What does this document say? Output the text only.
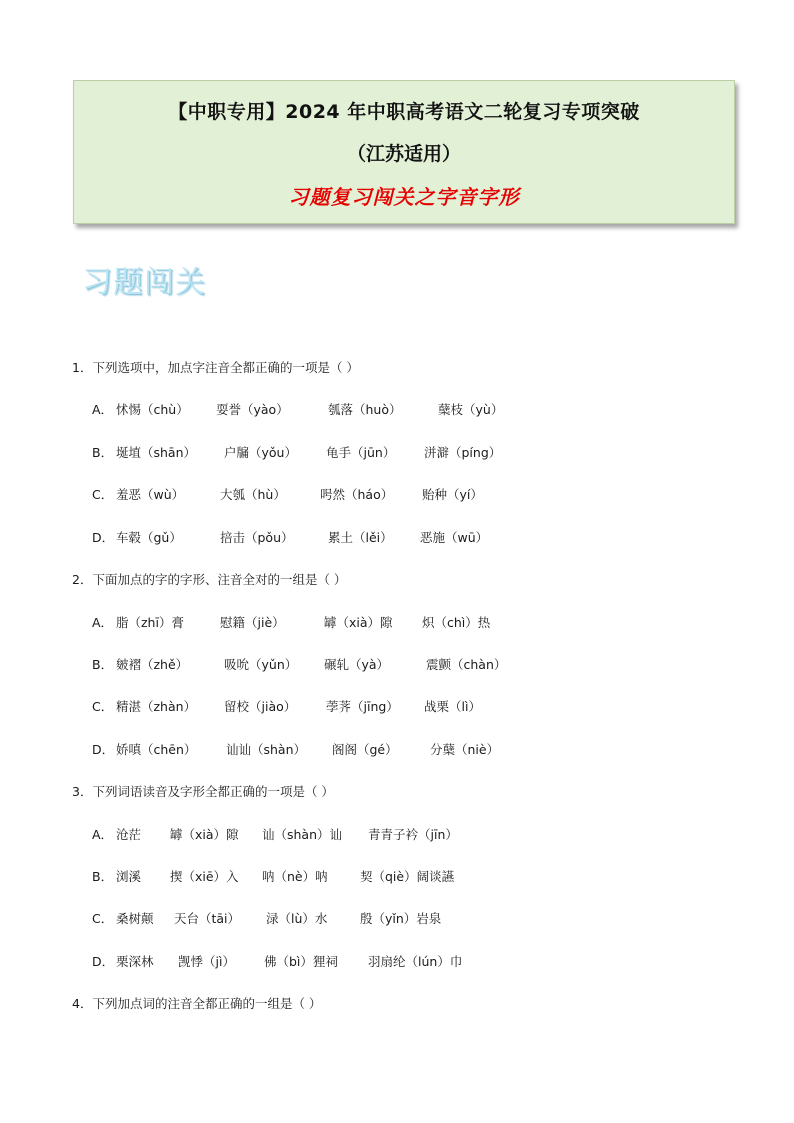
【中职专用】2024 年中职高考语文二轮复习专项突破
（江苏适用）
习题复习闯关之字音字形
习题闯关
1．下列选项中，加点字注音全都正确的一项是（ ）
A． 怵惕（chù） 耍誉（yào）	瓠落（huò）	蘖枝（yù）
B． 埏埴（shān） 户牖（yǒu） 龟手（jūn） 洴澼（píng）
C． 羞恶（wù）	大瓠（hù）	呺然（háo） 贻种（yí）
D． 车毂（gǔ）	掊击（pǒu）	累土（lěi） 恶施（wū）
2．下面加点的字的字形、注音全对的一组是（ ）
A． 脂（zhī）膏	慰籍（jiè）	罅（xià）隙 炽（chì）热
B． 皴褶（zhě）	吸吮（yǔn） 碾轧（yà）	震颤（chàn）
C． 精湛（zhàn） 留校（jiào） 荸荠（jīng） 战栗（lì）
D． 娇嗔（chēn） 讪讪（shàn） 阁阁（gé）	分蘖（niè）
3．下列词语读音及字形全都正确的一项是（ ）
A． 沧茫 罅（xià）隙 讪（shàn）讪 青青子衿（jīn）
B． 浏溪 揳（xiē）入 呐（nè）呐	契（qiè）阔谈讌
C． 桑树颠 天台（tāi） 渌（lù）水	殷（yǐn）岩泉
D． 栗深林 觊悸（jì） 佛（bì）狸祠 羽扇纶（lún）巾
4．下列加点词的注音全都正确的一组是（ ）
